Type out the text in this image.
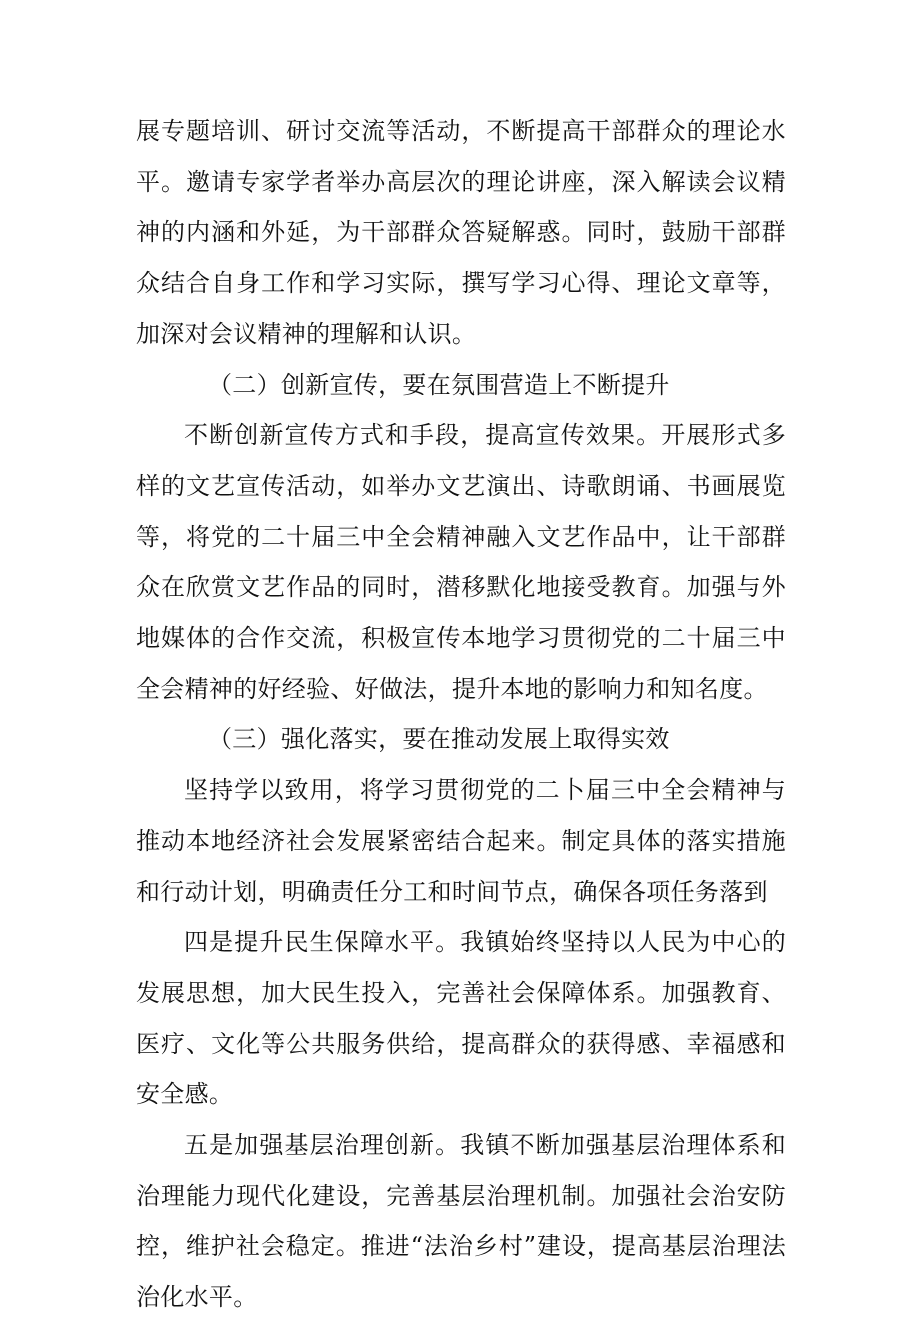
展专题培训、研讨交流等活动，不断提高干部群众的理论水平。邀请专家学者举办高层次的理论讲座，深入解读会议精神的内涵和外延，为干部群众答疑解惑。同时，鼓励干部群众结合自身工作和学习实际，撰写学习心得、理论文章等，加深对会议精神的理解和认识。

（二）创新宣传，要在氛围营造上不断提升

不断创新宣传方式和手段，提高宣传效果。开展形式多样的文艺宣传活动，如举办文艺演出、诗歌朗诵、书画展览等，将党的二十届三中全会精神融入文艺作品中，让干部群众在欣赏文艺作品的同时，潜移默化地接受教育。加强与外地媒体的合作交流，积极宣传本地学习贯彻党的二十届三中全会精神的好经验、好做法，提升本地的影响力和知名度。

（三）强化落实，要在推动发展上取得实效

坚持学以致用，将学习贯彻党的二卜届三中全会精神与推动本地经济社会发展紧密结合起来。制定具体的落实措施和行动计划，明确责任分工和时间节点，确保各项任务落到

四是提升民生保障水平。我镇始终坚持以人民为中心的发展思想，加大民生投入，完善社会保障体系。加强教育、医疗、文化等公共服务供给，提高群众的获得感、幸福感和安全感。

五是加强基层治理创新。我镇不断加强基层治理体系和治理能力现代化建设，完善基层治理机制。加强社会治安防控，维护社会稳定。推进“法治乡村”建设，提高基层治理法治化水平。
